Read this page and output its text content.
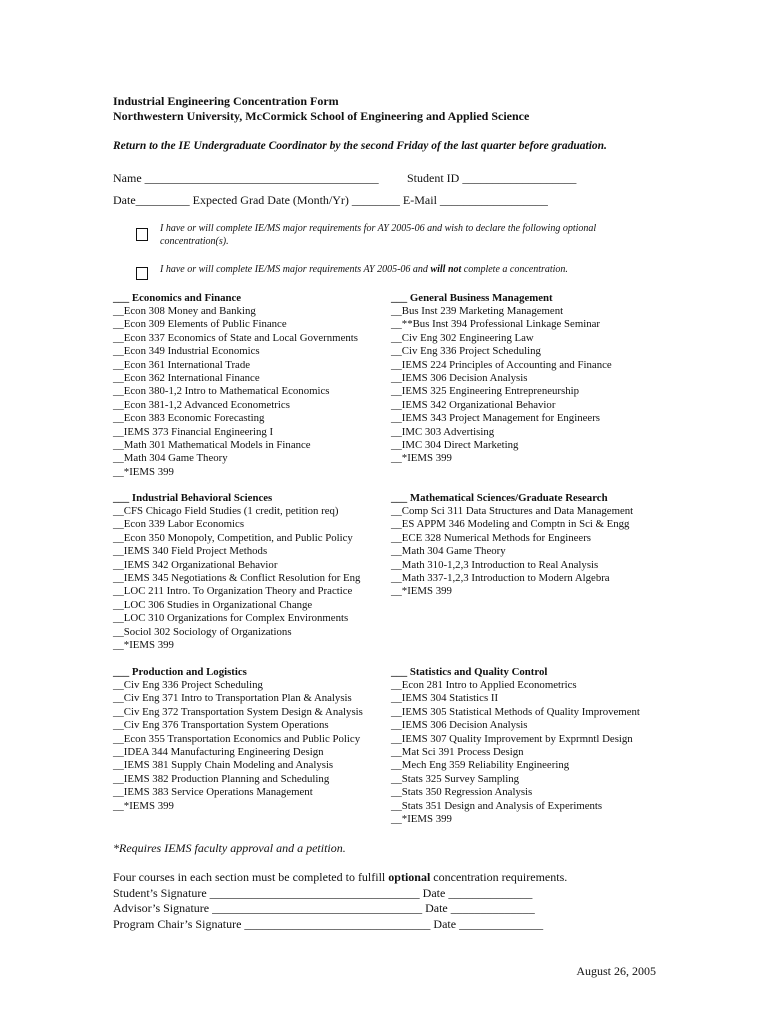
Industrial Engineering Concentration Form
Northwestern University, McCormick School of Engineering and Applied Science
Return to the IE Undergraduate Coordinator by the second Friday of the last quarter before graduation.
Name _______________________________________ Student ID ___________________
Date_________ Expected Grad Date (Month/Yr) ________ E-Mail __________________
I have or will complete IE/MS major requirements for AY 2005-06 and wish to declare the following optional concentration(s).
I have or will complete IE/MS major requirements AY 2005-06 and will not complete a concentration.
___ Economics and Finance
__Econ 308 Money and Banking
__Econ 309 Elements of Public Finance
__Econ 337 Economics of State and Local Governments
__Econ 349 Industrial Economics
__Econ 361 International Trade
__Econ 362 International Finance
__Econ 380-1,2 Intro to Mathematical Economics
__Econ 381-1,2 Advanced Econometrics
__Econ 383 Economic Forecasting
__IEMS 373 Financial Engineering I
__Math 301 Mathematical Models in Finance
__Math 304 Game Theory
__*IEMS 399
___ General Business Management
__Bus Inst 239 Marketing Management
__**Bus Inst 394 Professional Linkage Seminar
__Civ Eng 302 Engineering Law
__Civ Eng 336 Project Scheduling
__IEMS 224 Principles of Accounting and Finance
__IEMS 306 Decision Analysis
__IEMS 325 Engineering Entrepreneurship
__IEMS 342 Organizational Behavior
__IEMS 343 Project Management for Engineers
__IMC 303 Advertising
__IMC 304 Direct Marketing
__*IEMS 399
___ Industrial Behavioral Sciences
__CFS Chicago Field Studies (1 credit, petition req)
__Econ 339 Labor Economics
__Econ 350 Monopoly, Competition, and Public Policy
__IEMS 340 Field Project Methods
__IEMS 342 Organizational Behavior
__IEMS 345 Negotiations & Conflict Resolution for Eng
__LOC 211 Intro. To Organization Theory and Practice
__LOC 306 Studies in Organizational Change
__LOC 310 Organizations for Complex Environments
__Sociol 302 Sociology of Organizations
__*IEMS 399
___ Mathematical Sciences/Graduate Research
__Comp Sci 311 Data Structures and Data Management
__ES APPM 346 Modeling and Comptn in Sci & Engg
__ECE 328 Numerical Methods for Engineers
__Math 304 Game Theory
__Math 310-1,2,3 Introduction to Real Analysis
__Math 337-1,2,3 Introduction to Modern Algebra
__*IEMS 399
___ Production and Logistics
__Civ Eng 336 Project Scheduling
__Civ Eng 371 Intro to Transportation Plan & Analysis
__Civ Eng 372 Transportation System Design & Analysis
__Civ Eng 376 Transportation System Operations
__Econ 355 Transportation Economics and Public Policy
__IDEA 344 Manufacturing Engineering Design
__IEMS 381 Supply Chain Modeling and Analysis
__IEMS 382 Production Planning and Scheduling
__IEMS 383 Service Operations Management
__*IEMS 399
___ Statistics and Quality Control
__Econ 281 Intro to Applied Econometrics
__IEMS 304 Statistics II
__IEMS 305 Statistical Methods of Quality Improvement
__IEMS 306 Decision Analysis
__IEMS 307 Quality Improvement by Exprmntl Design
__Mat Sci 391 Process Design
__Mech Eng 359 Reliability Engineering
__Stats 325 Survey Sampling
__Stats 350 Regression Analysis
__Stats 351 Design and Analysis of Experiments
__*IEMS 399
*Requires IEMS faculty approval and a petition.
Four courses in each section must be completed to fulfill optional concentration requirements.
Student’s Signature ___________________________________ Date ______________
Advisor’s Signature ___________________________________ Date ______________
Program Chair’s Signature _______________________________ Date ______________
August 26, 2005
